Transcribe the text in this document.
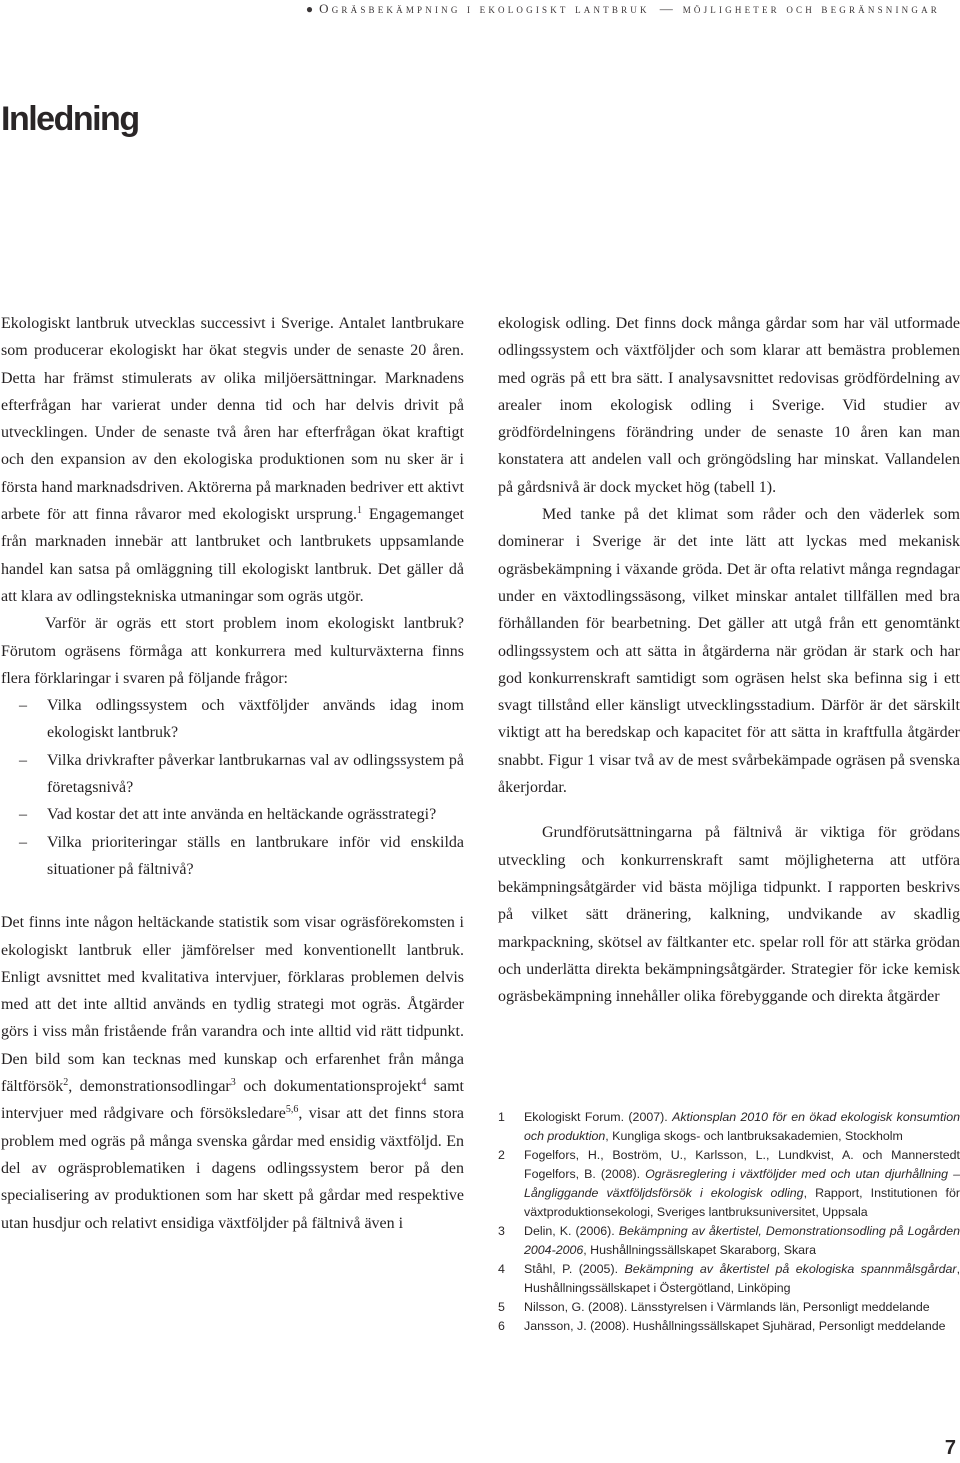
● Ogräsbekämpning i ekologiskt lantbruk — möjligheter och begränsningar
Inledning

Ekologiskt lantbruk utvecklas successivt i Sverige. Antalet lantbrukare som producerar ekologiskt har ökat stegvis under de senaste 20 åren. Detta har främst stimulerats av olika miljöersättningar. Marknadens efterfrågan har varierat under denna tid och har delvis drivit på utvecklingen. Under de senaste två åren har efterfrågan ökat kraftigt och den expansion av den ekologiska produktionen som nu sker är i första hand marknadsdriven. Aktörerna på marknaden bedriver ett aktivt arbete för att finna råvaror med ekologiskt ursprung.$^1$ Engagemanget från marknaden innebär att lantbruket och lantbrukets uppsamlande handel kan satsa på omläggning till ekologiskt lantbruk. Det gäller då att klara av odlingstekniska utmaningar som ogräs utgör.

Varför är ogräs ett stort problem inom ekologiskt lantbruk? Förutom ogräsens förmåga att konkurrera med kulturväxterna finns flera förklaringar i svaren på följande frågor:

– Vilka odlingssystem och växtföljder används idag inom ekologiskt lantbruk?
– Vilka drivkrafter påverkar lantbrukarnas val av odlingssystem på företagsnivå?
– Vad kostar det att inte använda en heltäckande ogrässtrategi?
– Vilka prioriteringar ställs en lantbrukare inför vid enskilda situationer på fältnivå?

Det finns inte någon heltäckande statistik som visar ogräsförekomsten i ekologiskt lantbruk eller jämförelser med konventionellt lantbruk. Enligt avsnittet med kvalitativa intervjuer, förklaras problemen delvis med att det inte alltid används en tydlig strategi mot ogräs. Åtgärder görs i viss mån fristående från varandra och inte alltid vid rätt tidpunkt. Den bild som kan tecknas med kunskap och erfarenhet från många fältförsök$^2$, demonstrationsodlingar$^3$ och dokumentationsprojekt$^4$ samt intervjuer med rådgivare och försöksledare$^{5,6}$, visar att det finns stora problem med ogräs på många svenska gårdar med ensidig växtföljd. En del av ogräsproblematiken i dagens odlingssystem beror på den specialisering av produktionen som har skett på gårdar med respektive utan husdjur och relativt ensidiga växtföljder på fältnivå även i

ekologisk odling. Det finns dock många gårdar som har väl utformade odlingssystem och växtföljder och som klarar att bemästra problemen med ogräs på ett bra sätt. I analysavsnittet redovisas grödfördelning av arealer inom ekologisk odling i Sverige. Vid studier av grödfördelningens förändring under de senaste 10 åren kan man konstatera att andelen vall och gröngödsling har minskat. Vallandelen på gårdsnivå är dock mycket hög (tabell 1).

Med tanke på det klimat som råder och den väderlek som dominerar i Sverige är det inte lätt att lyckas med mekanisk ogräsbekämpning i växande gröda. Det är ofta relativt många regndagar under en växtodlingssäsong, vilket minskar antalet tillfällen med bra förhållanden för bearbetning. Det gäller att utgå från ett genomtänkt odlingssystem och att sätta in åtgärderna när grödan är stark och har god konkurrenskraft samtidigt som ogräsen helst ska befinna sig i ett svagt tillstånd eller känsligt utvecklingsstadium. Därför är det särskilt viktigt att ha beredskap och kapacitet för att sätta in kraftfulla åtgärder snabbt. Figur 1 visar två av de mest svårbekämpade ogräsen på svenska åkerjordar.

Grundförutsättningarna på fältnivå är viktiga för grödans utveckling och konkurrenskraft samt möjligheterna att utföra bekämpningsåtgärder vid bästa möjliga tidpunkt. I rapporten beskrivs på vilket sätt dränering, kalkning, undvikande av skadlig markpackning, skötsel av fältkanter etc. spelar roll för att stärka grödan och underlätta direkta bekämpningsåtgärder. Strategier för icke kemisk ogräsbekämpning innehåller olika förebyggande och direkta åtgärder

1 Ekologiskt Forum. (2007). Aktionsplan 2010 för en ökad ekologisk konsumtion och produktion, Kungliga skogs- och lantbruksakademien, Stockholm
2 Fogelfors, H., Boström, U., Karlsson, L., Lundkvist, A. och Mannerstedt Fogelfors, B. (2008). Ogräsreglering i växtföljder med och utan djurhållning – Långliggande växtföljdsförsök i ekologisk odling, Rapport, Institutionen för växtproduktionsekologi, Sveriges lantbruksuniversitet, Uppsala
3 Delin, K. (2006). Bekämpning av åkertistel, Demonstrationsodling på Logården 2004-2006, Hushållningssällskapet Skaraborg, Skara
4 Ståhl, P. (2005). Bekämpning av åkertistel på ekologiska spannmålsgårdar, Hushållningssällskapet i Östergötland, Linköping
5 Nilsson, G. (2008). Länsstyrelsen i Värmlands län, Personligt meddelande
6 Jansson, J. (2008). Hushållningssällskapet Sjuhärad, Personligt meddelande
7
